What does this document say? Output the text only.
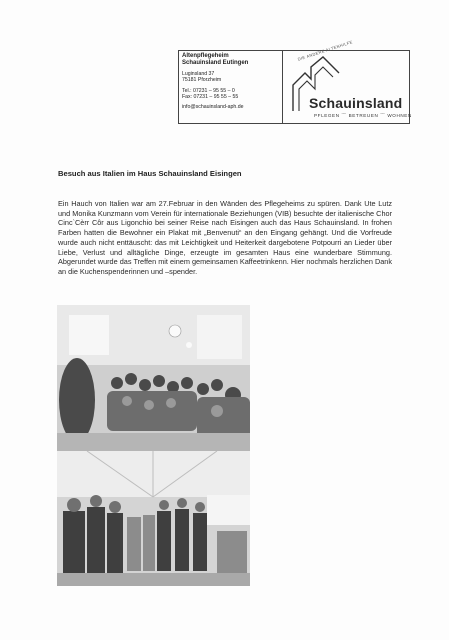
Altenpflegeheim
Schauinsland Eutingen
Luginsland 37
75181 Pforzheim
Tel.: 07231 – 95 55 – 0
Fax: 07231 – 95 55 – 55
info@schauinsland-aph.de
DIE ANDERE ALTENHILFE
Schauinsland
PFLEGEN ⌒ BETREUEN ⌒ WOHNEN
Besuch aus Italien im Haus Schauinsland Eisingen

Ein Hauch von Italien war am 27.Februar in den Wänden des Pflegeheims zu spüren. Dank Ute Lutz und Monika Kunzmann vom Verein für internationale Beziehungen (VIB) besuchte der italienische Chor Cinc`Cèrr Côr aus Ligonchio bei seiner Reise nach Eisingen auch das Haus Schauinsland. In frohen Farben hatten die Bewohner ein Plakat mit „Benvenuti“ an den Eingang gehängt. Und die Vorfreude wurde auch nicht enttäuscht: das mit Leichtigkeit und Heiterkeit dargebotene Potpourri an Lieder über Liebe, Verlust und alltägliche Dinge, erzeugte im gesamten Haus eine wunderbare Stimmung. Abgerundet wurde das Treffen mit einem gemeinsamen Kaffeetrinkenn. Hier nochmals herzlichen Dank an die Kuchenspenderinnen und –spender.
